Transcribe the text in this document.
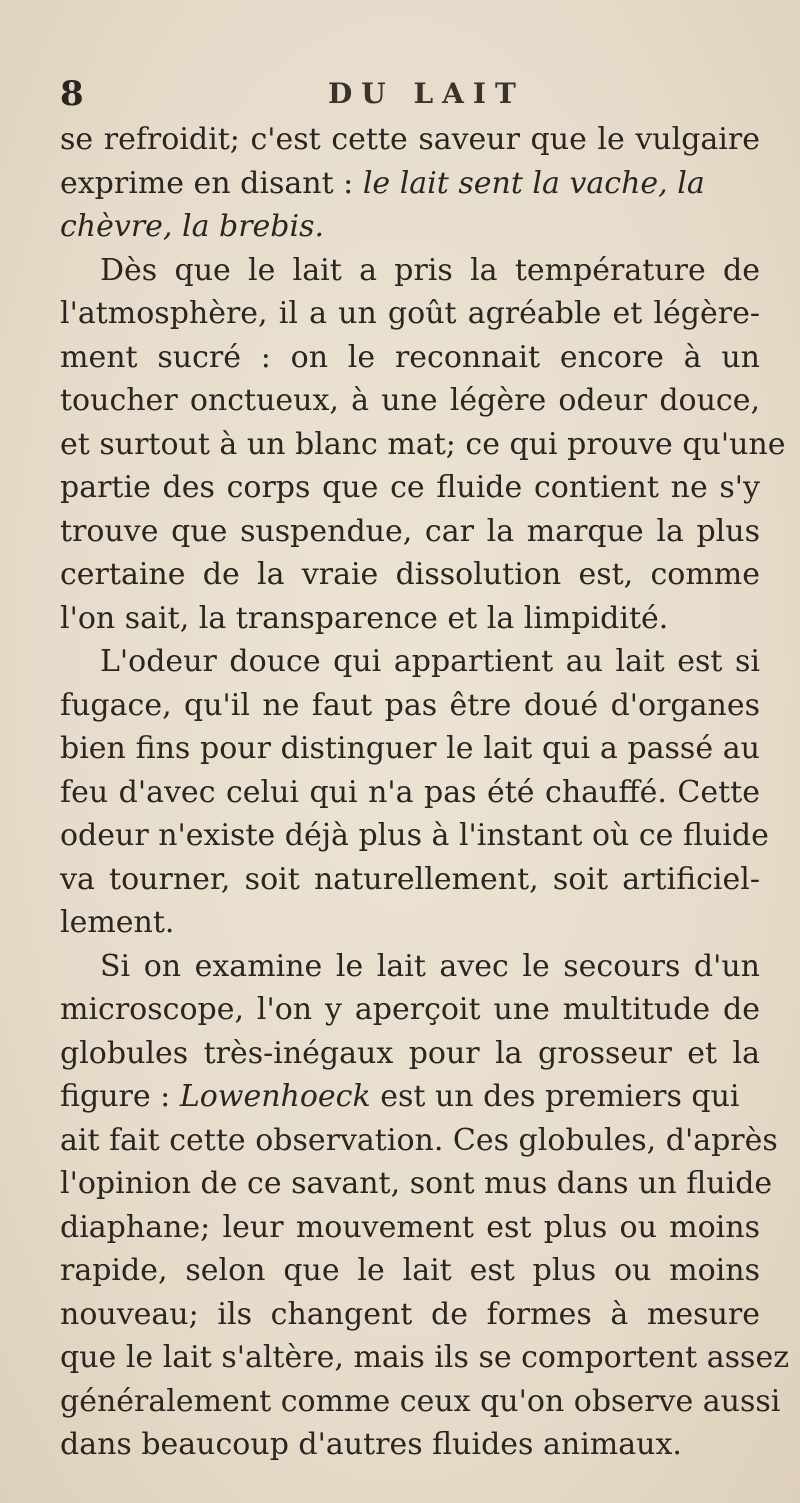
8	DU LAIT
se refroidit; c'est cette saveur que le vulgaire
exprime en disant : le lait sent la vache, la
chèvre, la brebis.
Dès que le lait a pris la température de
l'atmosphère, il a un goût agréable et légère-
ment sucré : on le reconnait encore à un
toucher onctueux, à une légère odeur douce,
et surtout à un blanc mat; ce qui prouve qu'une
partie des corps que ce fluide contient ne s'y
trouve que suspendue, car la marque la plus
certaine de la vraie dissolution est, comme
l'on sait, la transparence et la limpidité.
L'odeur douce qui appartient au lait est si
fugace, qu'il ne faut pas être doué d'organes
bien fins pour distinguer le lait qui a passé au
feu d'avec celui qui n'a pas été chauffé. Cette
odeur n'existe déjà plus à l'instant où ce fluide
va tourner, soit naturellement, soit artificiel-
lement.
Si on examine le lait avec le secours d'un
microscope, l'on y aperçoit une multitude de
globules très-inégaux pour la grosseur et la
figure : Lowenhoeck est un des premiers qui
ait fait cette observation. Ces globules, d'après
l'opinion de ce savant, sont mus dans un fluide
diaphane; leur mouvement est plus ou moins
rapide, selon que le lait est plus ou moins
nouveau; ils changent de formes à mesure
que le lait s'altère, mais ils se comportent assez
généralement comme ceux qu'on observe aussi
dans beaucoup d'autres fluides animaux.
